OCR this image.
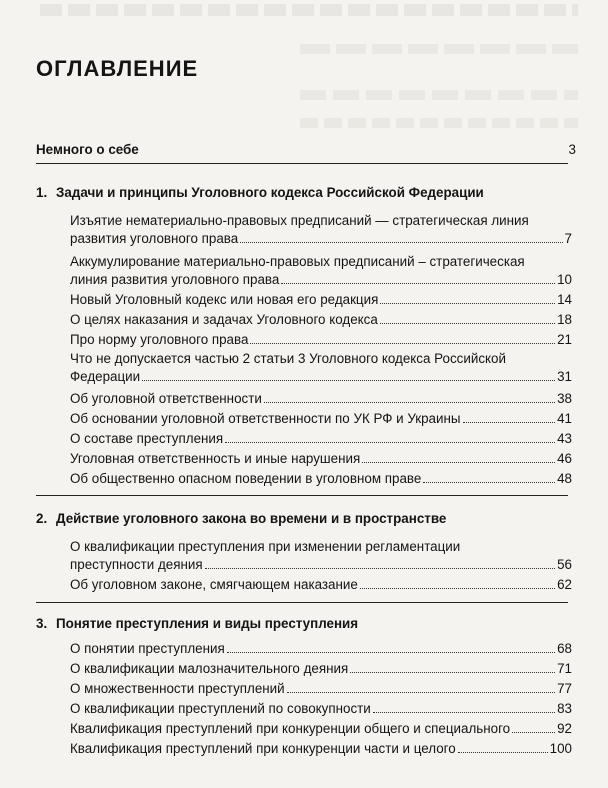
ОГЛАВЛЕНИЕ
Немного о себе	3
1. Задачи и принципы Уголовного кодекса Российской Федерации
Изъятие нематериально-правовых предписаний — стратегическая линия
развития уголовного права	7
Аккумулирование материально-правовых предписаний – стратегическая
линия развития уголовного права	10
Новый Уголовный кодекс или новая его редакция	14
О целях наказания и задачах Уголовного кодекса	18
Про норму уголовного права	21
Что не допускается частью 2 статьи 3 Уголовного кодекса Российской
Федерации	31
Об уголовной ответственности	38
Об основании уголовной ответственности по УК РФ и Украины	41
О составе преступления	43
Уголовная ответственность и иные нарушения	46
Об общественно опасном поведении в уголовном праве	48
2. Действие уголовного закона во времени и в пространстве
О квалификации преступления при изменении регламентации
преступности деяния	56
Об уголовном законе, смягчающем наказание	62
3. Понятие преступления и виды преступления
О понятии преступления	68
О квалификации малозначительного деяния	71
О множественности преступлений	77
О квалификации преступлений по совокупности	83
Квалификация преступлений при конкуренции общего и специального	92
Квалификация преступлений при конкуренции части и целого	100
